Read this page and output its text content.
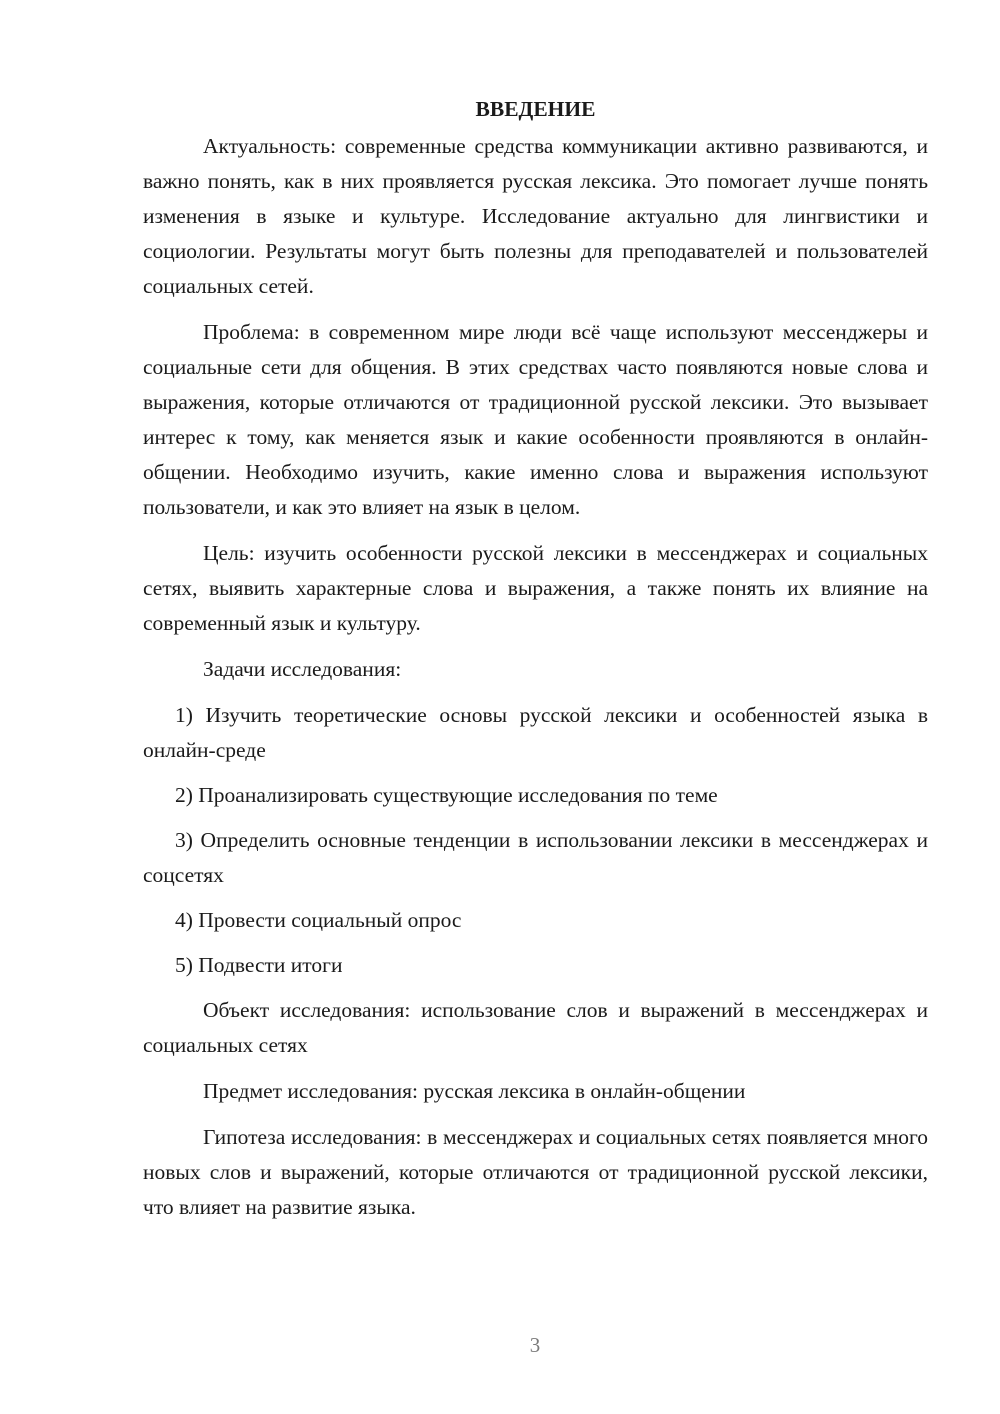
ВВЕДЕНИЕ

Актуальность: современные средства коммуникации активно развиваются, и важно понять, как в них проявляется русская лексика. Это помогает лучше понять изменения в языке и культуре. Исследование актуально для лингвистики и социологии. Результаты могут быть полезны для преподавателей и пользователей социальных сетей.

Проблема: в современном мире люди всё чаще используют мессенджеры и социальные сети для общения. В этих средствах часто появляются новые слова и выражения, которые отличаются от традиционной русской лексики. Это вызывает интерес к тому, как меняется язык и какие особенности проявляются в онлайн-общении. Необходимо изучить, какие именно слова и выражения используют пользователи, и как это влияет на язык в целом.

Цель: изучить особенности русской лексики в мессенджерах и социальных сетях, выявить характерные слова и выражения, а также понять их влияние на современный язык и культуру.

Задачи исследования:

1) Изучить теоретические основы русской лексики и особенностей языка в онлайн-среде

2) Проанализировать существующие исследования по теме

3) Определить основные тенденции в использовании лексики в мессенджерах и соцсетях

4) Провести социальный опрос

5) Подвести итоги

Объект исследования: использование слов и выражений в мессенджерах и социальных сетях

Предмет исследования: русская лексика в онлайн-общении

Гипотеза исследования: в мессенджерах и социальных сетях появляется много новых слов и выражений, которые отличаются от традиционной русской лексики, что влияет на развитие языка.

3
